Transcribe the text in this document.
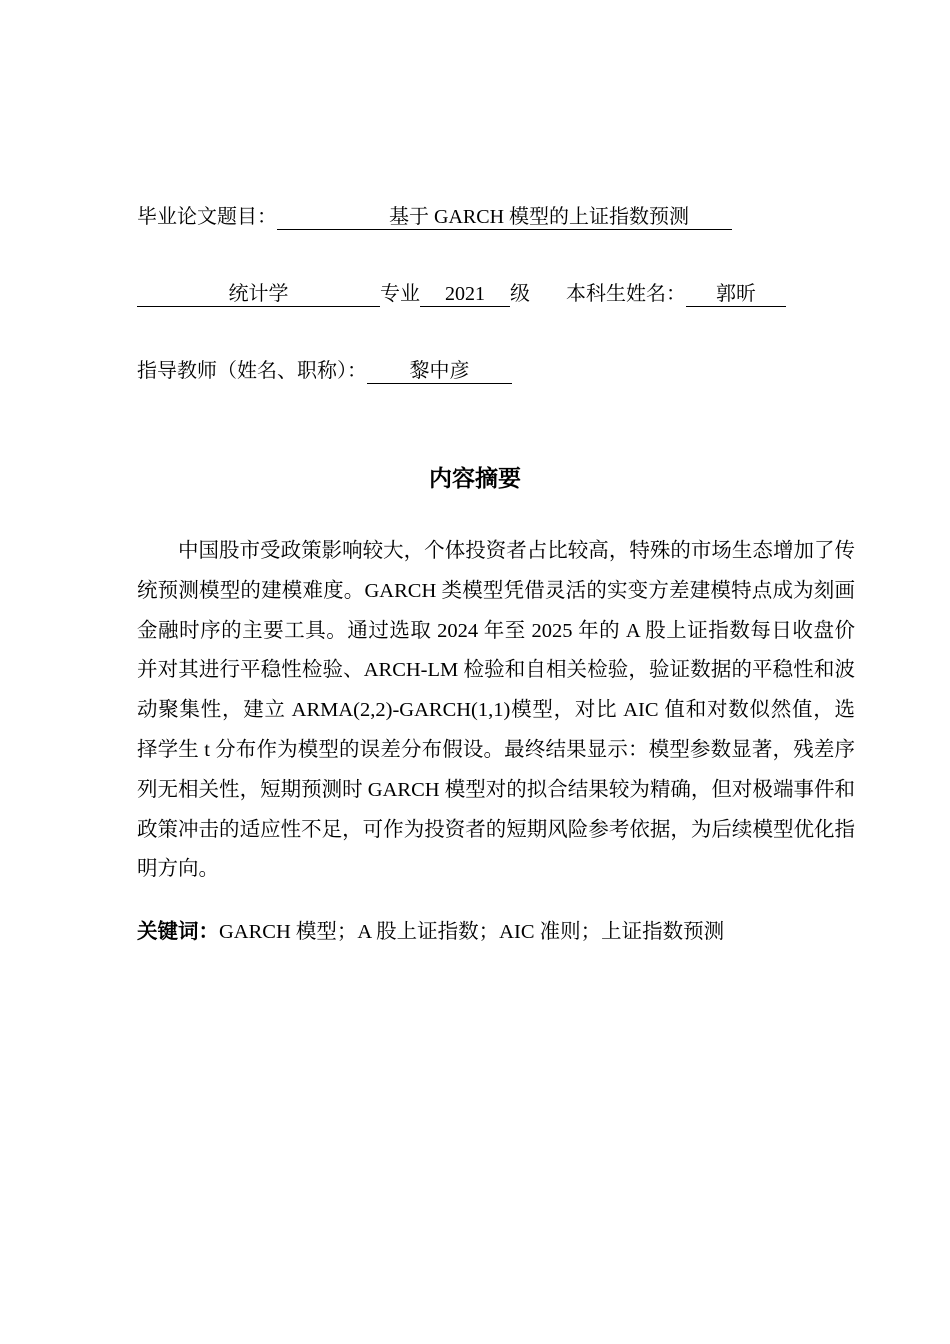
毕业论文题目：	基于 GARCH 模型的上证指数预测
统计学	专业 2021 级 本科生姓名： 郭昕
指导教师（姓名、职称）： 黎中彦
内容摘要

中国股市受政策影响较大，个体投资者占比较高，特殊的市场生态增加了传统预测模型的建模难度。GARCH 类模型凭借灵活的实变方差建模特点成为刻画金融时序的主要工具。通过选取 2024 年至 2025 年的 A 股上证指数每日收盘价并对其进行平稳性检验、ARCH-LM 检验和自相关检验，验证数据的平稳性和波动聚集性，建立 ARMA(2,2)-GARCH(1,1)模型，对比 AIC 值和对数似然值，选择学生 t 分布作为模型的误差分布假设。最终结果显示：模型参数显著，残差序列无相关性，短期预测时 GARCH 模型对的拟合结果较为精确，但对极端事件和政策冲击的适应性不足，可作为投资者的短期风险参考依据，为后续模型优化指明方向。

关键词：GARCH 模型；A 股上证指数；AIC 准则；上证指数预测
